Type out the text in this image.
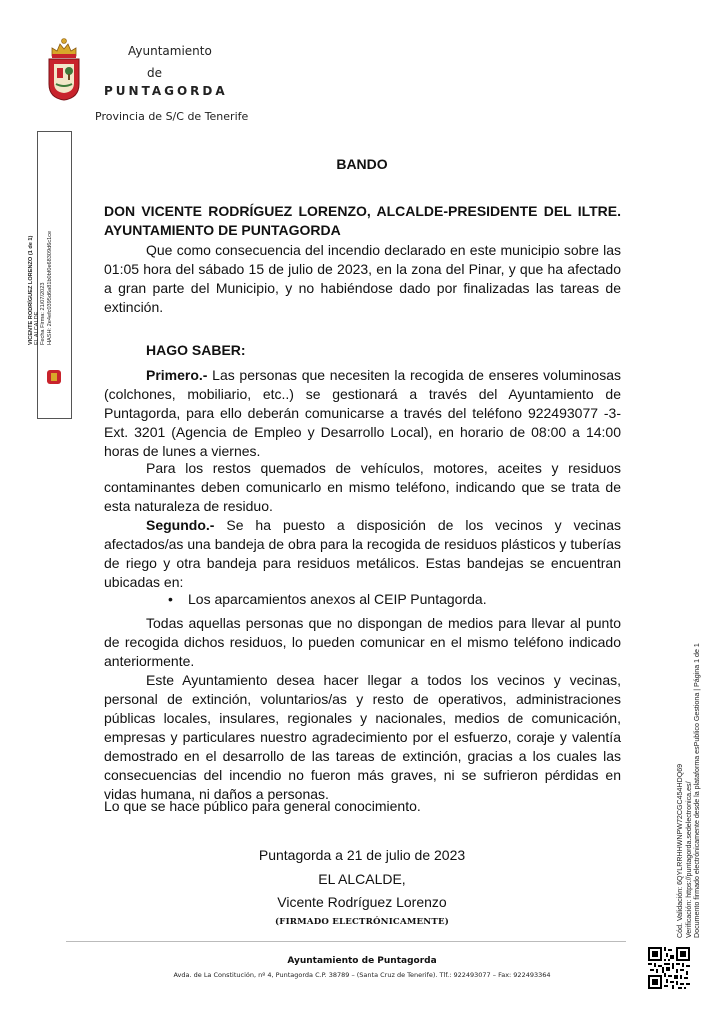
Ayuntamiento
de
PUNTAGORDA
Provincia de S/C de Tenerife
VICENTE RODRÍGUEZ LORENZO (1 de 1) EL ALCALDE Fecha Firma: 21/07/2023 HASH: 2e4efc0395d6a81b0bf0e68309d6c1ce
Cód. Validación: 6QYLRRHHWNPW72CGC454HDQ69 Verificación: https://puntagorda.sedelectronica.es/ Documento firmado electrónicamente desde la plataforma esPublico Gestiona | Página 1 de 1
BANDO
DON VICENTE RODRÍGUEZ LORENZO, ALCALDE-PRESIDENTE DEL ILTRE. AYUNTAMIENTO DE PUNTAGORDA
Que como consecuencia del incendio declarado en este municipio sobre las 01:05 hora del sábado 15 de julio de 2023, en la zona del Pinar, y que ha afectado a gran parte del Municipio, y no habiéndose dado por finalizadas las tareas de extinción.
HAGO SABER:
Primero.- Las personas que necesiten la recogida de enseres voluminosas (colchones, mobiliario, etc..) se gestionará a través del Ayuntamiento de Puntagorda, para ello deberán comunicarse a través del teléfono 922493077 -3- Ext. 3201 (Agencia de Empleo y Desarrollo Local), en horario de 08:00 a 14:00 horas de lunes a viernes.
Para los restos quemados de vehículos, motores, aceites y residuos contaminantes deben comunicarlo en mismo teléfono, indicando que se trata de esta naturaleza de residuo.
Segundo.- Se ha puesto a disposición de los vecinos y vecinas afectados/as una bandeja de obra para la recogida de residuos plásticos y tuberías de riego y otra bandeja para residuos metálicos. Estas bandejas se encuentran ubicadas en:
• Los aparcamientos anexos al CEIP Puntagorda.
Todas aquellas personas que no dispongan de medios para llevar al punto de recogida dichos residuos, lo pueden comunicar en el mismo teléfono indicado anteriormente.
Este Ayuntamiento desea hacer llegar a todos los vecinos y vecinas, personal de extinción, voluntarios/as y resto de operativos, administraciones públicas locales, insulares, regionales y nacionales, medios de comunicación, empresas y particulares nuestro agradecimiento por el esfuerzo, coraje y valentía demostrado en el desarrollo de las tareas de extinción, gracias a los cuales las consecuencias del incendio no fueron más graves, ni se sufrieron pérdidas en vidas humana, ni daños a personas.
Lo que se hace público para general conocimiento.
Puntagorda a 21 de julio de 2023
EL ALCALDE,
Vicente Rodríguez Lorenzo
(FIRMADO ELECTRÓNICAMENTE)
Ayuntamiento de Puntagorda
Avda. de La Constitución, nº 4, Puntagorda C.P. 38789 – (Santa Cruz de Tenerife). Tlf.: 922493077 – Fax: 922493364
